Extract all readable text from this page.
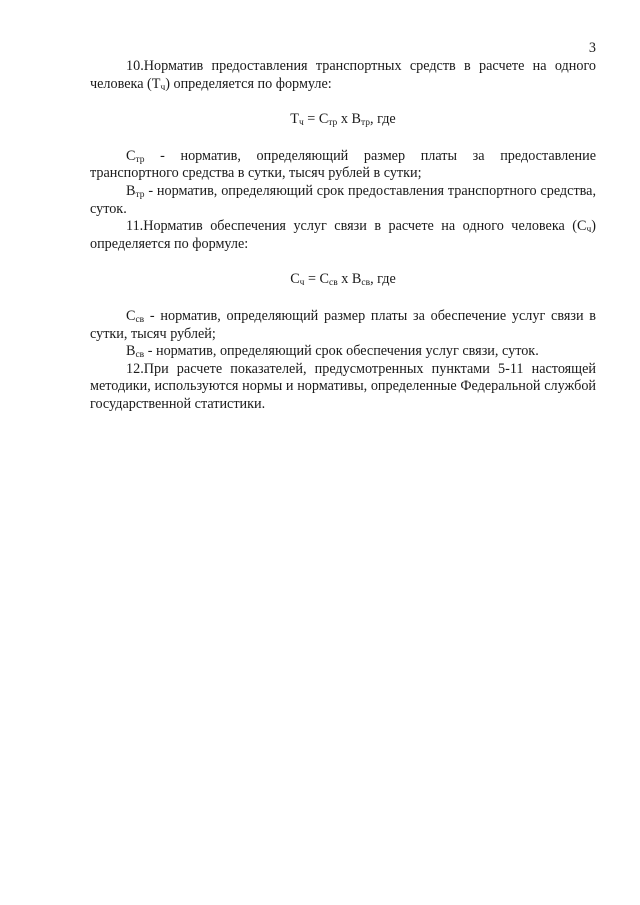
3

10.Норматив предоставления транспортных средств в расчете на одного человека $(Т_ч)$ определяется по формуле:

$Т_ч = С_{тр}$ х $В_{тр}$, где

$С_{тр}$ - норматив, определяющий размер платы за предоставление транспортного средства в сутки, тысяч рублей в сутки;

$В_{тр}$ - норматив, определяющий срок предоставления транспортного средства, суток.

11.Норматив обеспечения услуг связи в расчете на одного человека $(С_ч)$ определяется по формуле:

$С_ч = С_{св}$ х $В_{св}$, где

$С_{св}$ - норматив, определяющий размер платы за обеспечение услуг связи в сутки, тысяч рублей;

$В_{св}$ - норматив, определяющий срок обеспечения услуг связи, суток.

12.При расчете показателей, предусмотренных пунктами 5-11 настоящей методики, используются нормы и нормативы, определенные Федеральной службой государственной статистики.
